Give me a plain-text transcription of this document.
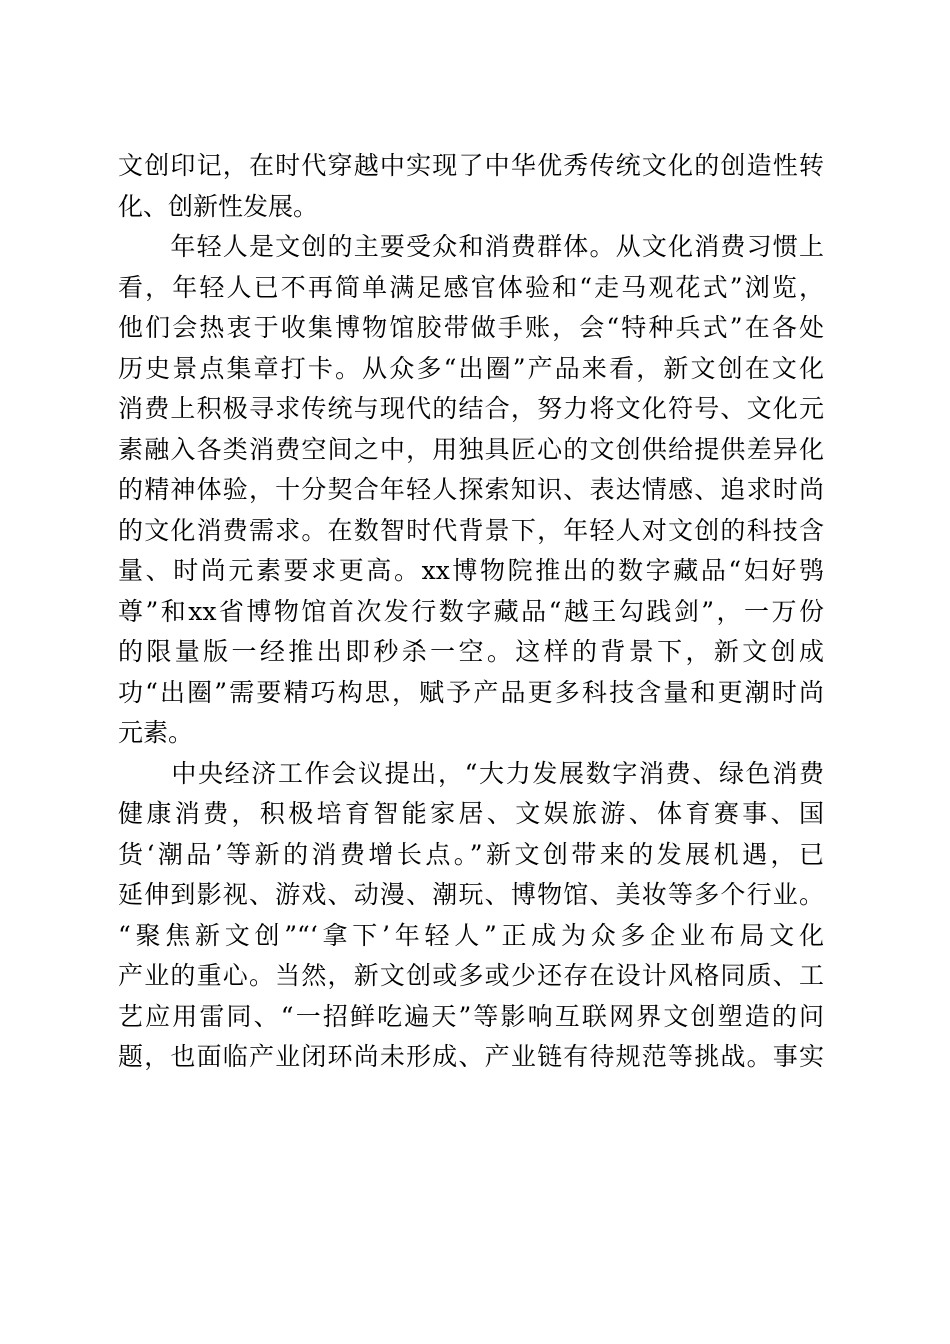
文创印记，在时代穿越中实现了中华优秀传统文化的创造性转
化、创新性发展。
　　年轻人是文创的主要受众和消费群体。从文化消费习惯上
看，年轻人已不再简单满足感官体验和“走马观花式”浏览，
他们会热衷于收集博物馆胶带做手账，会“特种兵式”在各处
历史景点集章打卡。从众多“出圈”产品来看，新文创在文化
消费上积极寻求传统与现代的结合，努力将文化符号、文化元
素融入各类消费空间之中，用独具匠心的文创供给提供差异化
的精神体验，十分契合年轻人探索知识、表达情感、追求时尚
的文化消费需求。在数智时代背景下，年轻人对文创的科技含
量、时尚元素要求更高。xx博物院推出的数字藏品“妇好鸮
尊”和xx省博物馆首次发行数字藏品“越王勾践剑”，一万份
的限量版一经推出即秒杀一空。这样的背景下，新文创成
功“出圈”需要精巧构思，赋予产品更多科技含量和更潮时尚
元素。
　　中央经济工作会议提出，“大力发展数字消费、绿色消费
健康消费，积极培育智能家居、文娱旅游、体育赛事、国
货‘潮品’等新的消费增长点。”新文创带来的发展机遇，已
延伸到影视、游戏、动漫、潮玩、博物馆、美妆等多个行业。
“聚焦新文创”“‘拿下’年轻人”正成为众多企业布局文化
产业的重心。当然，新文创或多或少还存在设计风格同质、工
艺应用雷同、“一招鲜吃遍天”等影响互联网界文创塑造的问
题，也面临产业闭环尚未形成、产业链有待规范等挑战。事实
